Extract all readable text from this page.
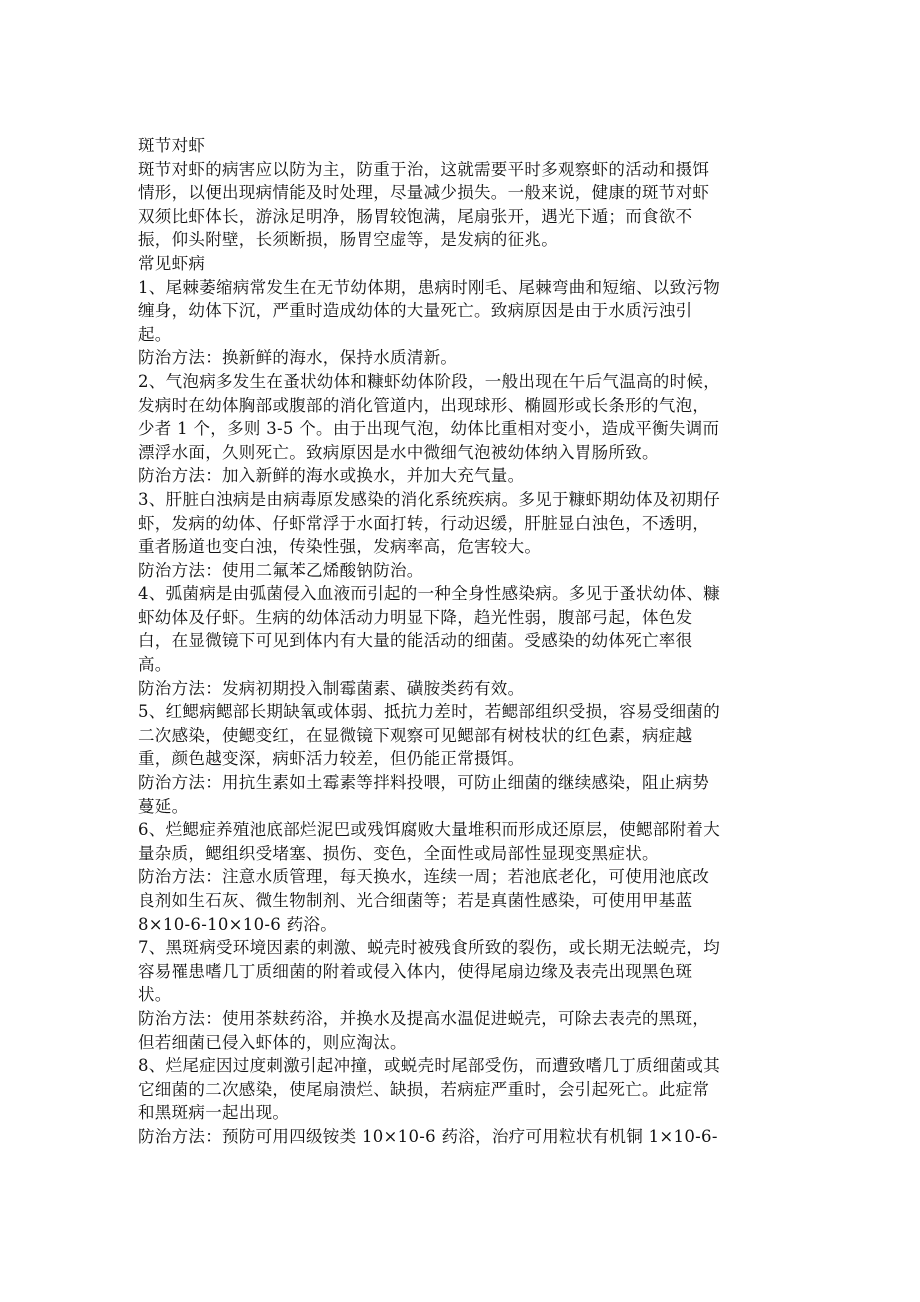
斑节对虾

斑节对虾的病害应以防为主，防重于治，这就需要平时多观察虾的活动和摄饵
情形，以便出现病情能及时处理，尽量减少损失。一般来说，健康的斑节对虾
双须比虾体长，游泳足明净，肠胃较饱满，尾扇张开，遇光下遁；而食欲不
振，仰头附壁，长须断损，肠胃空虚等，是发病的征兆。

常见虾病

1、尾棘萎缩病常发生在无节幼体期，患病时刚毛、尾棘弯曲和短缩、以致污物
缠身，幼体下沉，严重时造成幼体的大量死亡。致病原因是由于水质污浊引
起。

防治方法：换新鲜的海水，保持水质清新。

2、气泡病多发生在蚤状幼体和糠虾幼体阶段，一般出现在午后气温高的时候，
发病时在幼体胸部或腹部的消化管道内，出现球形、椭圆形或长条形的气泡，
少者 1 个，多则 3-5 个。由于出现气泡，幼体比重相对变小，造成平衡失调而
漂浮水面，久则死亡。致病原因是水中微细气泡被幼体纳入胃肠所致。

防治方法：加入新鲜的海水或换水，并加大充气量。

3、肝脏白浊病是由病毒原发感染的消化系统疾病。多见于糠虾期幼体及初期仔
虾，发病的幼体、仔虾常浮于水面打转，行动迟缓，肝脏显白浊色，不透明，
重者肠道也变白浊，传染性强，发病率高，危害较大。

防治方法：使用二氟苯乙烯酸钠防治。

4、弧菌病是由弧菌侵入血液而引起的一种全身性感染病。多见于蚤状幼体、糠
虾幼体及仔虾。生病的幼体活动力明显下降，趋光性弱，腹部弓起，体色发
白，在显微镜下可见到体内有大量的能活动的细菌。受感染的幼体死亡率很
高。

防治方法：发病初期投入制霉菌素、磺胺类药有效。

5、红鳃病鳃部长期缺氧或体弱、抵抗力差时，若鳃部组织受损，容易受细菌的
二次感染，使鳃变红，在显微镜下观察可见鳃部有树枝状的红色素，病症越
重，颜色越变深，病虾活力较差，但仍能正常摄饵。

防治方法：用抗生素如土霉素等拌料投喂，可防止细菌的继续感染，阻止病势
蔓延。

6、烂鳃症养殖池底部烂泥巴或残饵腐败大量堆积而形成还原层，使鳃部附着大
量杂质，鳃组织受堵塞、损伤、变色，全面性或局部性显现变黑症状。

防治方法：注意水质管理，每天换水，连续一周；若池底老化，可使用池底改
良剂如生石灰、微生物制剂、光合细菌等；若是真菌性感染，可使用甲基蓝
8×10-6-10×10-6 药浴。

7、黑斑病受环境因素的刺激、蜕壳时被残食所致的裂伤，或长期无法蜕壳，均
容易罹患嗜几丁质细菌的附着或侵入体内，使得尾扇边缘及表壳出现黑色斑
状。

防治方法：使用茶麸药浴，并换水及提高水温促进蜕壳，可除去表壳的黑斑，
但若细菌已侵入虾体的，则应淘汰。

8、烂尾症因过度刺激引起冲撞，或蜕壳时尾部受伤，而遭致嗜几丁质细菌或其
它细菌的二次感染，使尾扇溃烂、缺损，若病症严重时，会引起死亡。此症常
和黑斑病一起出现。

防治方法：预防可用四级铵类 10×10-6 药浴，治疗可用粒状有机铜 1×10-6-
